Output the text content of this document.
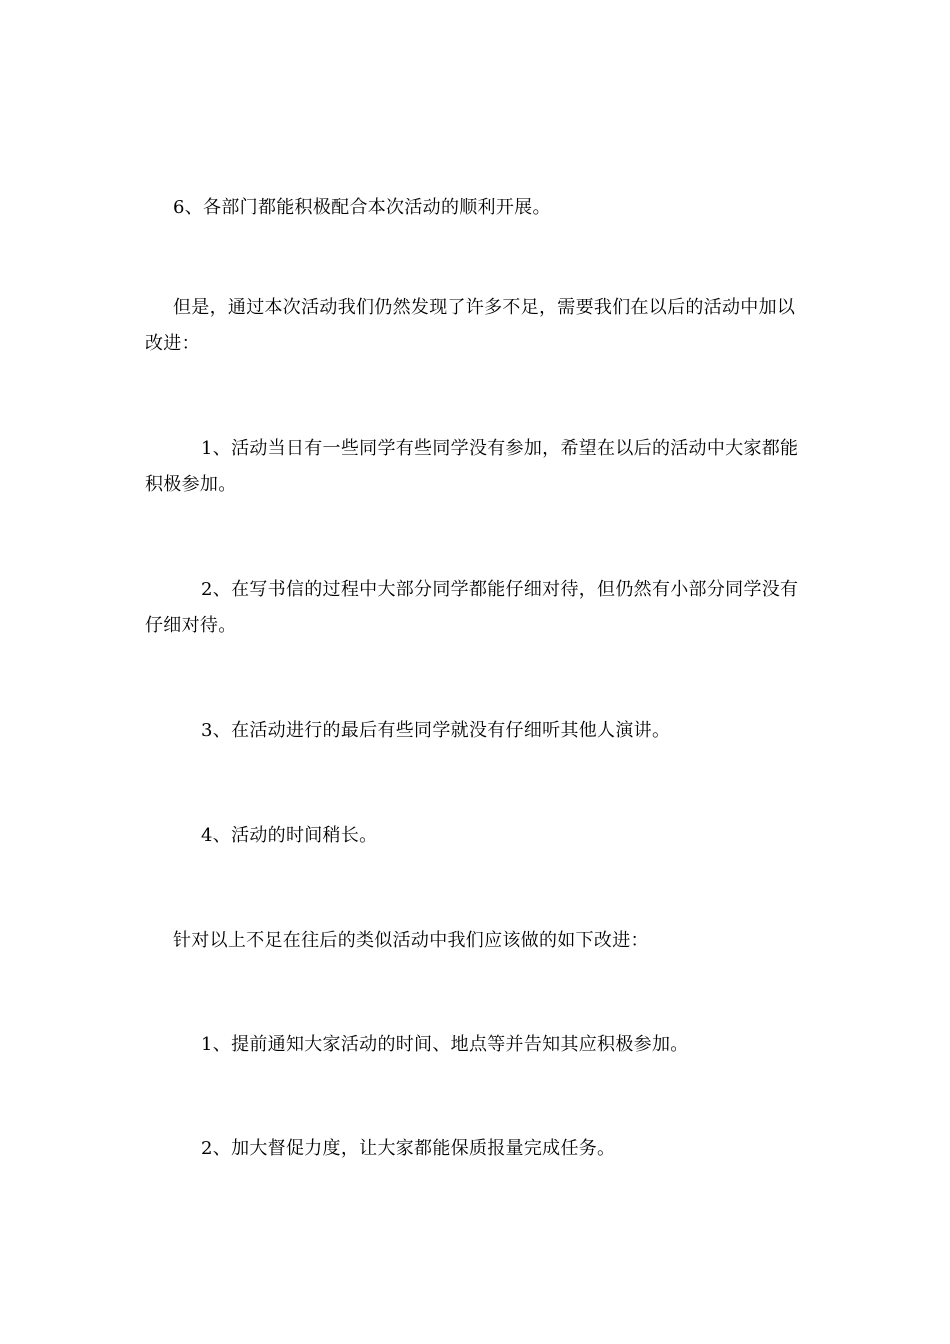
6、各部门都能积极配合本次活动的顺利开展。

但是，通过本次活动我们仍然发现了许多不足，需要我们在以后的活动中加以改进：

1、活动当日有一些同学有些同学没有参加，希望在以后的活动中大家都能积极参加。

2、在写书信的过程中大部分同学都能仔细对待，但仍然有小部分同学没有仔细对待。

3、在活动进行的最后有些同学就没有仔细听其他人演讲。

4、活动的时间稍长。

针对以上不足在往后的类似活动中我们应该做的如下改进：

1、提前通知大家活动的时间、地点等并告知其应积极参加。

2、加大督促力度，让大家都能保质报量完成任务。
